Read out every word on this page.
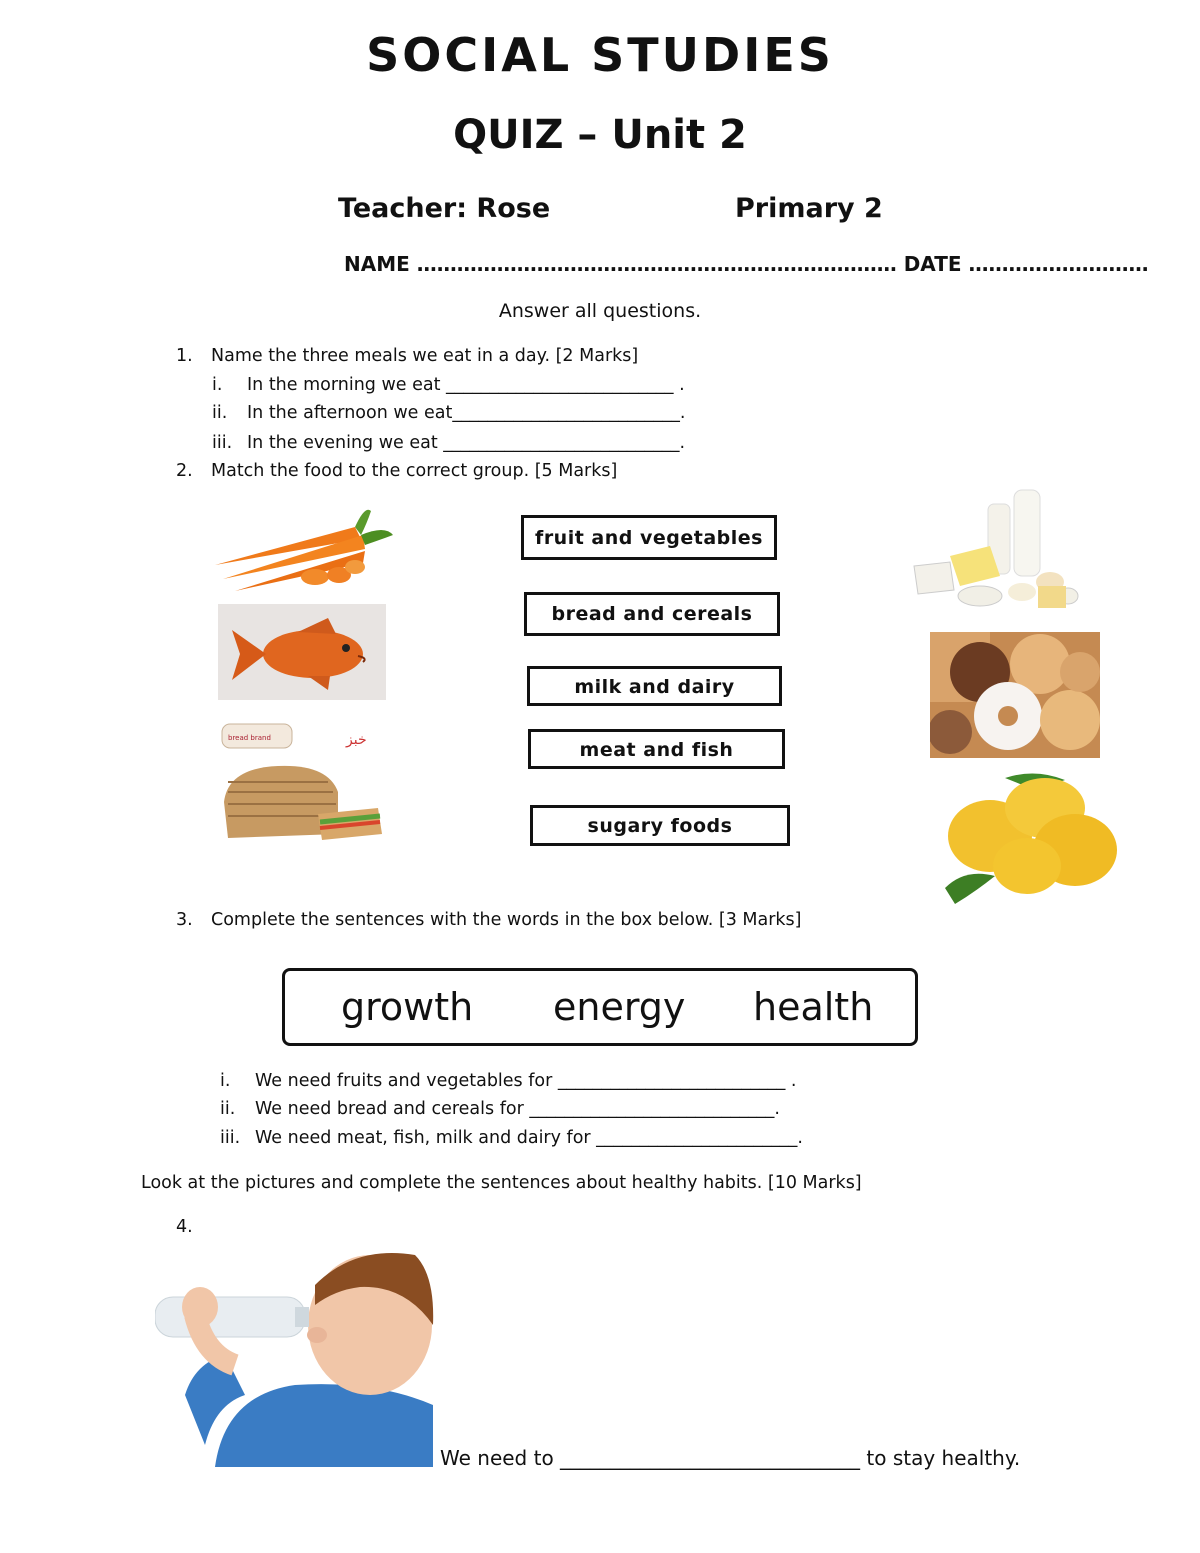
SOCIAL STUDIES
QUIZ – Unit 2
Teacher: Rose	Primary 2
NAME ……………………………………………………………… DATE ………………………
Answer all questions.
1.	Name the three meals we eat in a day. [2 Marks]
i.	In the morning we eat __________________________ .
ii.	In the afternoon we eat__________________________.
iii. In the evening we eat ___________________________.
2.	Match the food to the correct group. [5 Marks]
bread brand	خبز
fruit and vegetables
bread and cereals
milk and dairy
meat and fish
sugary foods
3.	Complete the sentences with the words in the box below. [3 Marks]
growth energy health
i.	We need fruits and vegetables for __________________________ .
ii.	We need bread and cereals for ____________________________.
iii. We need meat, fish, milk and dairy for _______________________.
Look at the pictures and complete the sentences about healthy habits. [10 Marks]
4.
We need to ______________________________ to stay healthy.
